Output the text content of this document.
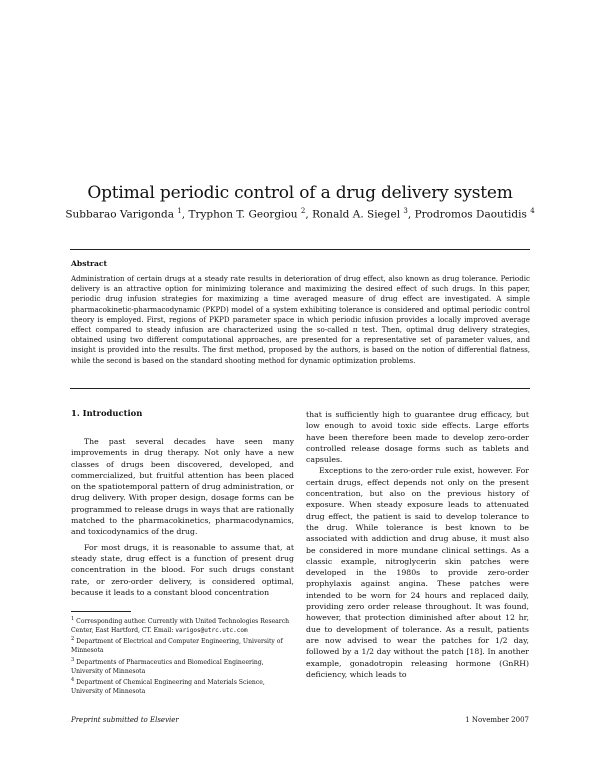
Optimal periodic control of a drug delivery system
Subbarao Varigonda $^1$, Tryphon T. Georgiou $^2$, Ronald A. Siegel $^3$, Prodromos Daoutidis $^4$
Abstract
Administration of certain drugs at a steady rate results in deterioration of drug effect, also known as drug tolerance. Periodic delivery is an attractive option for minimizing tolerance and maximizing the desired effect of such drugs. In this paper, periodic drug infusion strategies for maximizing a time averaged measure of drug effect are investigated. A simple pharmacokinetic-pharmacodynamic (PKPD) model of a system exhibiting tolerance is considered and optimal periodic control theory is employed. First, regions of PKPD parameter space in which periodic infusion provides a locally improved average effect compared to steady infusion are characterized using the so-called π test. Then, optimal drug delivery strategies, obtained using two different computational approaches, are presented for a representative set of parameter values, and insight is provided into the results. The first method, proposed by the authors, is based on the notion of differential flatness, while the second is based on the standard shooting method for dynamic optimization problems.
1. Introduction

The past several decades have seen many improvements in drug therapy. Not only have a new classes of drugs been discovered, developed, and commercialized, but fruitful attention has been placed on the spatiotemporal pattern of drug administration, or drug delivery. With proper design, dosage forms can be programmed to release drugs in ways that are rationally matched to the pharmacokinetics, pharmacodynamics, and toxicodynamics of the drug.

For most drugs, it is reasonable to assume that, at steady state, drug effect is a function of present drug concentration in the blood. For such drugs constant rate, or zero-order delivery, is considered optimal, because it leads to a constant blood concentration

that is sufficiently high to guarantee drug efficacy, but low enough to avoid toxic side effects. Large efforts have been therefore been made to develop zero-order controlled release dosage forms such as tablets and capsules.

Exceptions to the zero-order rule exist, however. For certain drugs, effect depends not only on the present concentration, but also on the previous history of exposure. When steady exposure leads to attenuated drug effect, the patient is said to develop tolerance to the drug. While tolerance is best known to be associated with addiction and drug abuse, it must also be considered in more mundane clinical settings. As a classic example, nitroglycerin skin patches were developed in the 1980s to provide zero-order prophylaxis against angina. These patches were intended to be worn for 24 hours and replaced daily, providing zero order release throughout. It was found, however, that protection diminished after about 12 hr, due to development of tolerance. As a result, patients are now advised to wear the patches for 1/2 day, followed by a 1/2 day without the patch [18]. In another example, gonadotropin releasing hormone (GnRH) deficiency, which leads to

$^1$ Corresponding author. Currently with United Technologies Research Center, East Hartford, CT. Email: varigos@utrc.utc.com
$^2$ Department of Electrical and Computer Engineering, University of Minnesota
$^3$ Departments of Pharmaceutics and Biomedical Engineering, University of Minnesota
$^4$ Department of Chemical Engineering and Materials Science, University of Minnesota
Preprint submitted to Elsevier	1 November 2007
